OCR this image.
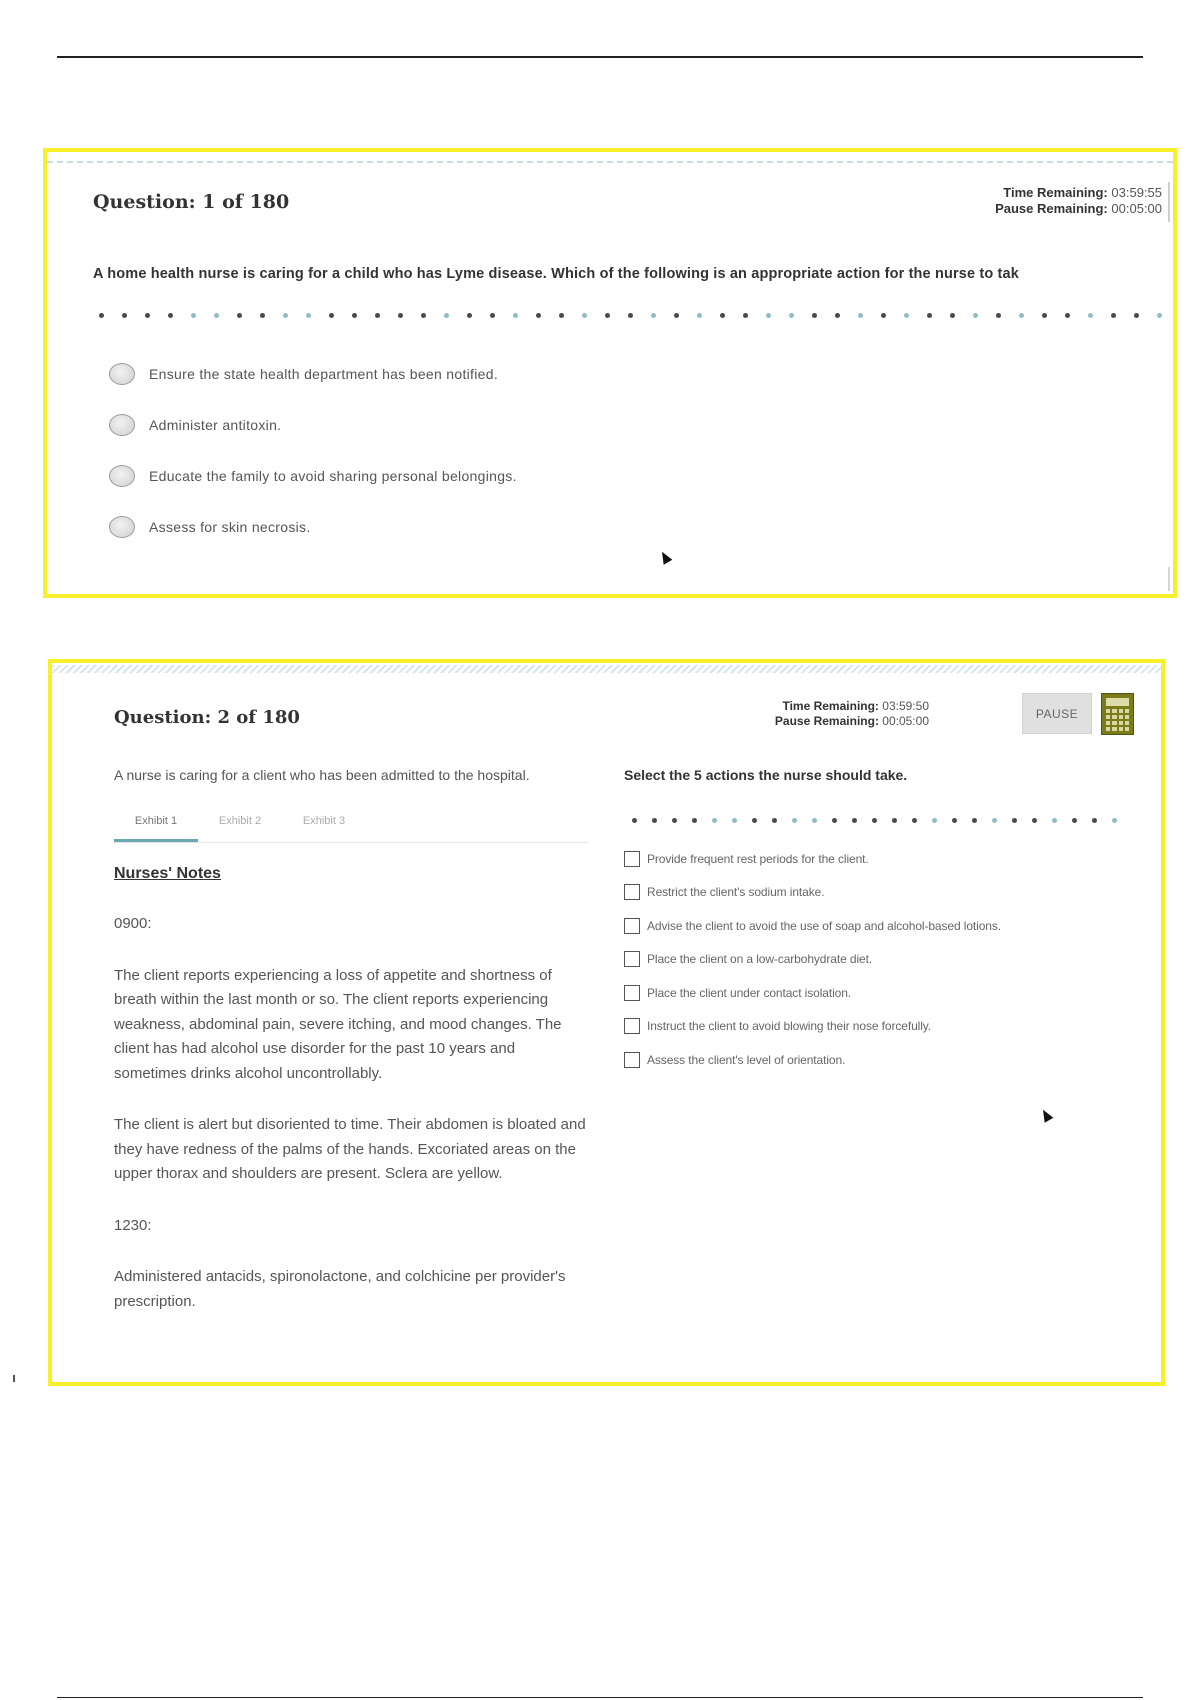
Question: 1 of 180	Time Remaining: 03:59:55
Pause Remaining: 00:05:00
A home health nurse is caring for a child who has Lyme disease. Which of the following is an appropriate action for the nurse to tak
Ensure the state health department has been notified.
Administer antitoxin.
Educate the family to avoid sharing personal belongings.
Assess for skin necrosis.
Question: 2 of 180
Time Remaining: 03:59:50
Pause Remaining: 00:05:00
PAUSE
A nurse is caring for a client who has been admitted to the hospital.
Exhibit 1	Exhibit 2	Exhibit 3
Nurses' Notes
0900:
The client reports experiencing a loss of appetite and shortness of breath within the last month or so. The client reports experiencing weakness, abdominal pain, severe itching, and mood changes. The client has had alcohol use disorder for the past 10 years and sometimes drinks alcohol uncontrollably.
The client is alert but disoriented to time. Their abdomen is bloated and they have redness of the palms of the hands. Excoriated areas on the upper thorax and shoulders are present. Sclera are yellow.
1230:
Administered antacids, spironolactone, and colchicine per provider's prescription.
Select the 5 actions the nurse should take.
Provide frequent rest periods for the client.
Restrict the client's sodium intake.
Advise the client to avoid the use of soap and alcohol-based lotions.
Place the client on a low-carbohydrate diet.
Place the client under contact isolation.
Instruct the client to avoid blowing their nose forcefully.
Assess the client's level of orientation.
